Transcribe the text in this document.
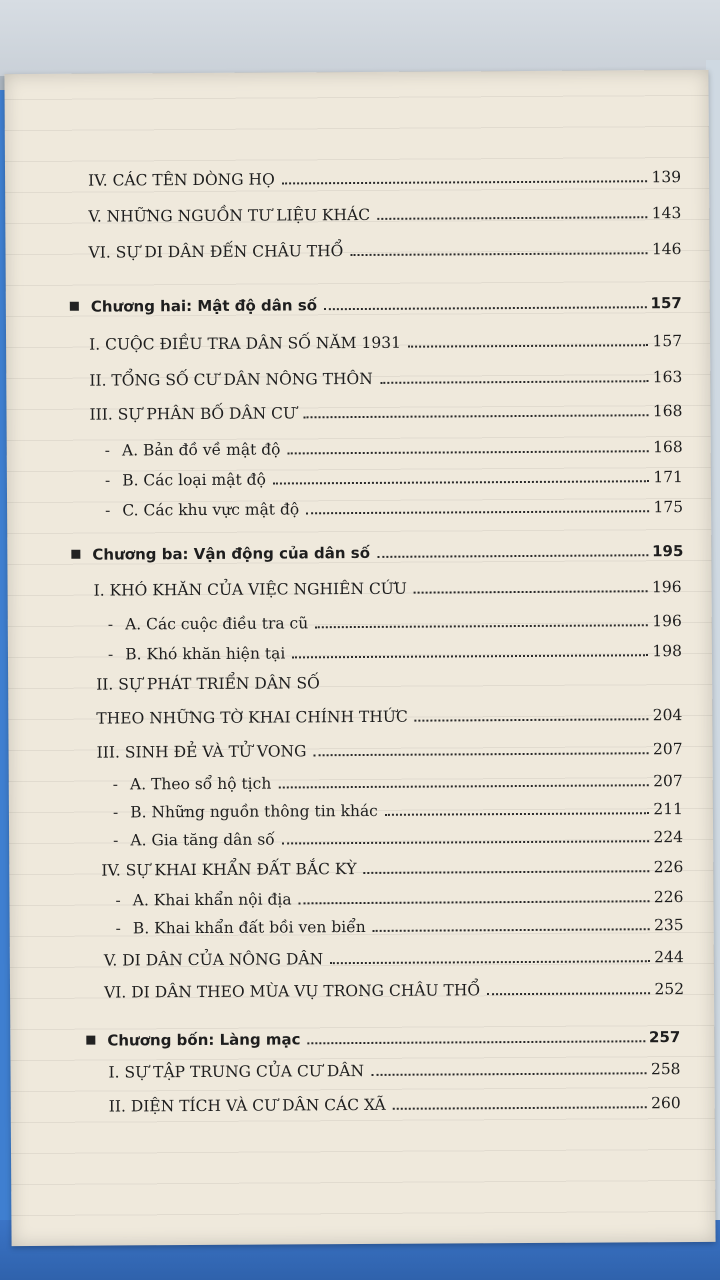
IV. CÁC TÊN DÒNG HỌ	139
V. NHỮNG NGUỒN TƯ LIỆU KHÁC	143
VI. SỰ DI DÂN ĐẾN CHÂU THỔ	146
Chương hai: Mật độ dân số	157
I. CUỘC ĐIỀU TRA DÂN SỐ NĂM 1931	157
II. TỔNG SỐ CƯ DÂN NÔNG THÔN	163
III. SỰ PHÂN BỐ DÂN CƯ	168
- A. Bản đồ về mật độ	168
- B. Các loại mật độ	171
- C. Các khu vực mật độ	175
Chương ba: Vận động của dân số	195
I. KHÓ KHĂN CỦA VIỆC NGHIÊN CỨU	196
- A. Các cuộc điều tra cũ	196
- B. Khó khăn hiện tại	198
II. SỰ PHÁT TRIỂN DÂN SỐ
THEO NHỮNG TỜ KHAI CHÍNH THỨC	204
III. SINH ĐẺ VÀ TỬ VONG	207
- A. Theo sổ hộ tịch	207
- B. Những nguồn thông tin khác	211
- A. Gia tăng dân số	224
IV. SỰ KHAI KHẨN ĐẤT BẮC KỲ	226
- A. Khai khẩn nội địa	226
- B. Khai khẩn đất bồi ven biển	235
V. DI DÂN CỦA NÔNG DÂN	244
VI. DI DÂN THEO MÙA VỤ TRONG CHÂU THỔ	252
Chương bốn: Làng mạc	257
I. SỰ TẬP TRUNG CỦA CƯ DÂN	258
II. DIỆN TÍCH VÀ CƯ DÂN CÁC XÃ	260
